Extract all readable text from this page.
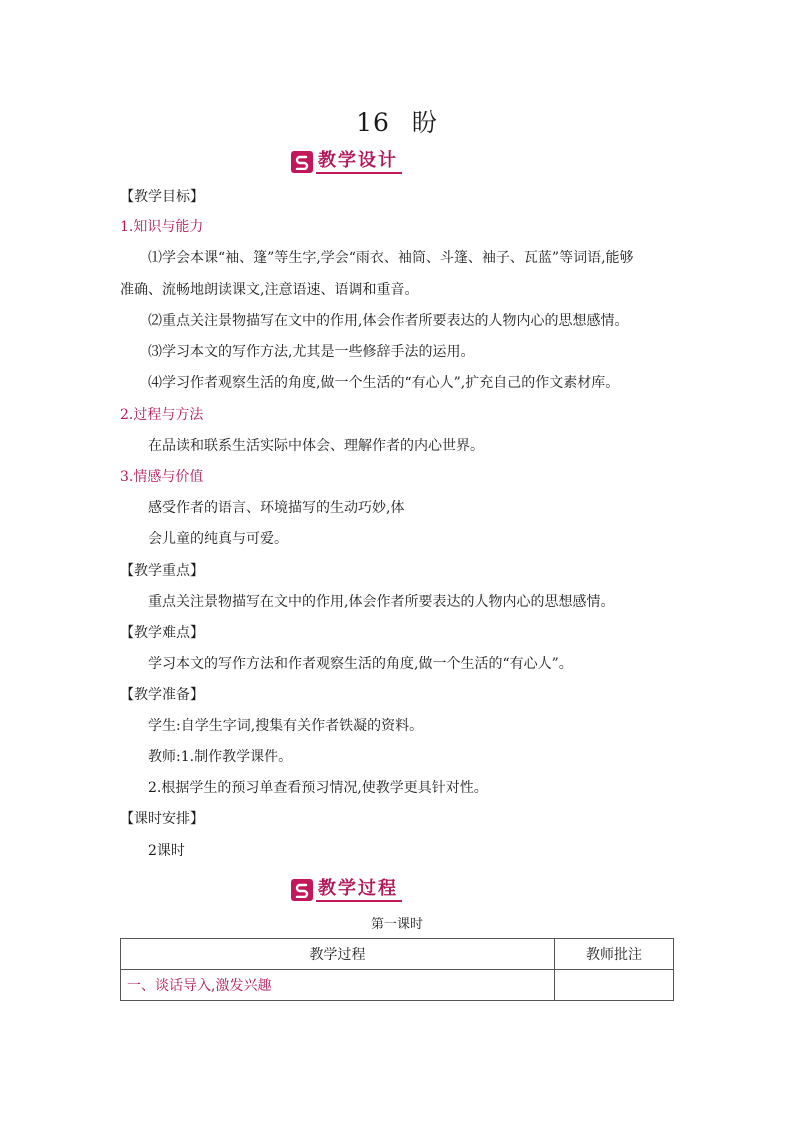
16 盼
教学设计
【教学目标】
1.知识与能力
⑴学会本课“袖、篷”等生字,学会“雨衣、袖筒、斗篷、袖子、瓦蓝”等词语,能够
准确、流畅地朗读课文,注意语速、语调和重音。
⑵重点关注景物描写在文中的作用,体会作者所要表达的人物内心的思想感情。
⑶学习本文的写作方法,尤其是一些修辞手法的运用。
⑷学习作者观察生活的角度,做一个生活的“有心人”,扩充自己的作文素材库。
2.过程与方法
在品读和联系生活实际中体会、理解作者的内心世界。
3.情感与价值
感受作者的语言、环境描写的生动巧妙,体
会儿童的纯真与可爱。
【教学重点】
重点关注景物描写在文中的作用,体会作者所要表达的人物内心的思想感情。
【教学难点】
学习本文的写作方法和作者观察生活的角度,做一个生活的“有心人”。
【教学准备】
学生:自学生字词,搜集有关作者铁凝的资料。
教师:1.制作教学课件。
2.根据学生的预习单查看预习情况,使教学更具针对性。
【课时安排】
2课时
教学过程
第一课时
教学过程	教师批注
一、谈话导入,激发兴趣	
